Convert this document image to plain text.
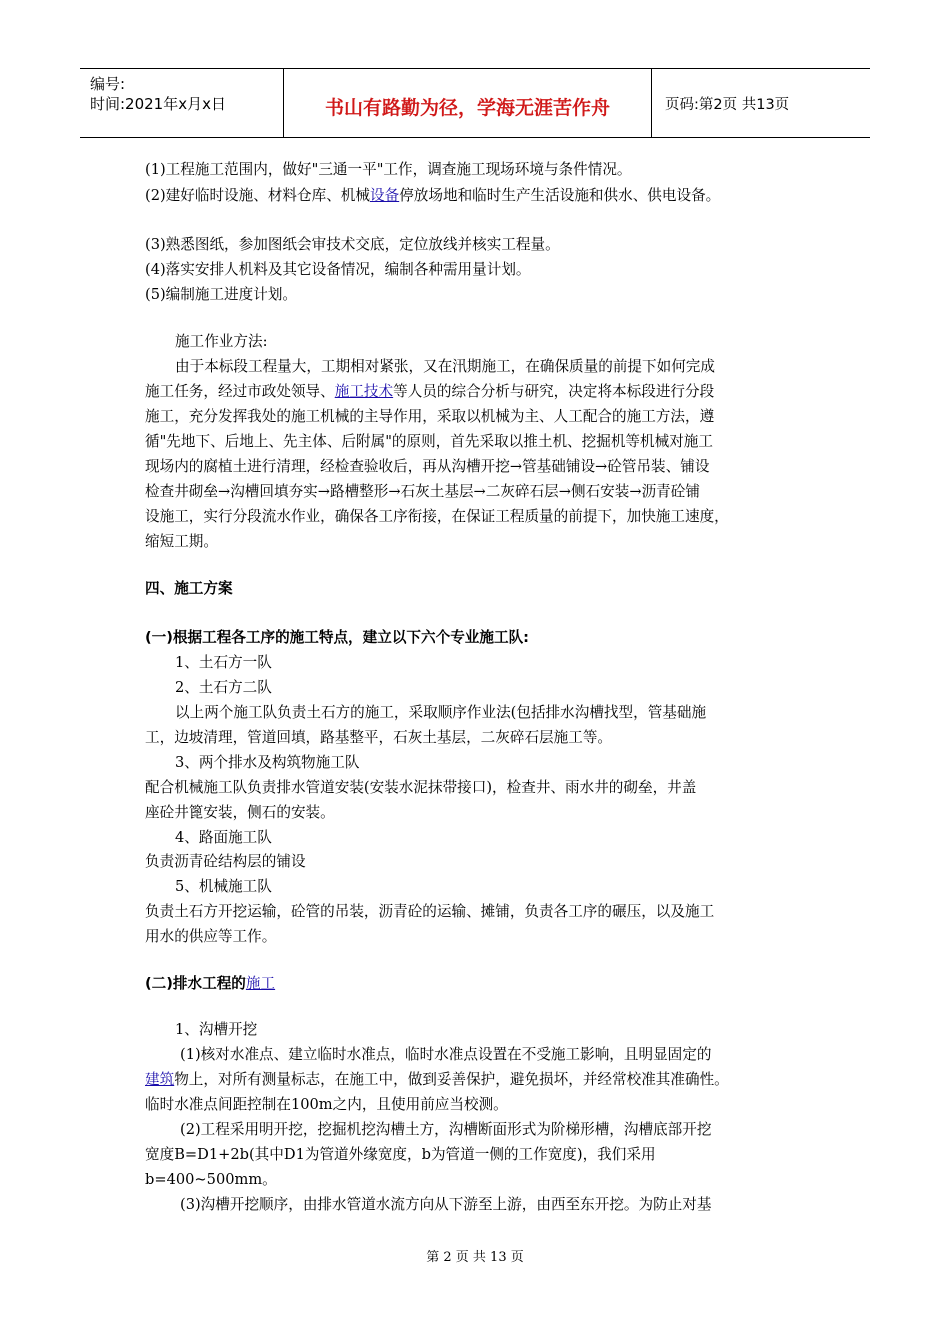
编号:
时间:2021年x月x日	书山有路勤为径，学海无涯苦作舟	页码:第2页 共13页
(1)工程施工范围内，做好"三通一平"工作，调查施工现场环境与条件情况。
(2)建好临时设施、材料仓库、机械设备停放场地和临时生产生活设施和供水、供电设备。
(3)熟悉图纸，参加图纸会审技术交底，定位放线并核实工程量。
(4)落实安排人机料及其它设备情况，编制各种需用量计划。
(5)编制施工进度计划。
施工作业方法:
由于本标段工程量大，工期相对紧张，又在汛期施工，在确保质量的前提下如何完成
施工任务，经过市政处领导、施工技术等人员的综合分析与研究，决定将本标段进行分段
施工，充分发挥我处的施工机械的主导作用，采取以机械为主、人工配合的施工方法，遵
循"先地下、后地上、先主体、后附属"的原则，首先采取以推土机、挖掘机等机械对施工
现场内的腐植土进行清理，经检查验收后，再从沟槽开挖→管基础铺设→砼管吊装、铺设
检查井砌垒→沟槽回填夯实→路槽整形→石灰土基层→二灰碎石层→侧石安装→沥青砼铺
设施工，实行分段流水作业，确保各工序衔接，在保证工程质量的前提下，加快施工速度，
缩短工期。
四、施工方案
(一)根据工程各工序的施工特点，建立以下六个专业施工队:
1、土石方一队
2、土石方二队
以上两个施工队负责土石方的施工，采取顺序作业法(包括排水沟槽找型，管基础施
工，边坡清理，管道回填，路基整平，石灰土基层，二灰碎石层施工等。
3、两个排水及构筑物施工队
配合机械施工队负责排水管道安装(安装水泥抹带接口)，检查井、雨水井的砌垒，井盖
座砼井篦安装，侧石的安装。
4、路面施工队
负责沥青砼结构层的铺设
5、机械施工队
负责土石方开挖运输，砼管的吊装，沥青砼的运输、摊铺，负责各工序的碾压，以及施工
用水的供应等工作。
(二)排水工程的施工
1、沟槽开挖
(1)核对水准点、建立临时水准点，临时水准点设置在不受施工影响，且明显固定的
建筑物上，对所有测量标志，在施工中，做到妥善保护，避免损坏，并经常校准其准确性。
临时水准点间距控制在100m之内，且使用前应当校测。
(2)工程采用明开挖，挖掘机挖沟槽土方，沟槽断面形式为阶梯形槽，沟槽底部开挖
宽度B=D1+2b(其中D1为管道外缘宽度，b为管道一侧的工作宽度)，我们采用
b=400~500mm。
(3)沟槽开挖顺序，由排水管道水流方向从下游至上游，由西至东开挖。为防止对基
第 2 页 共 13 页
